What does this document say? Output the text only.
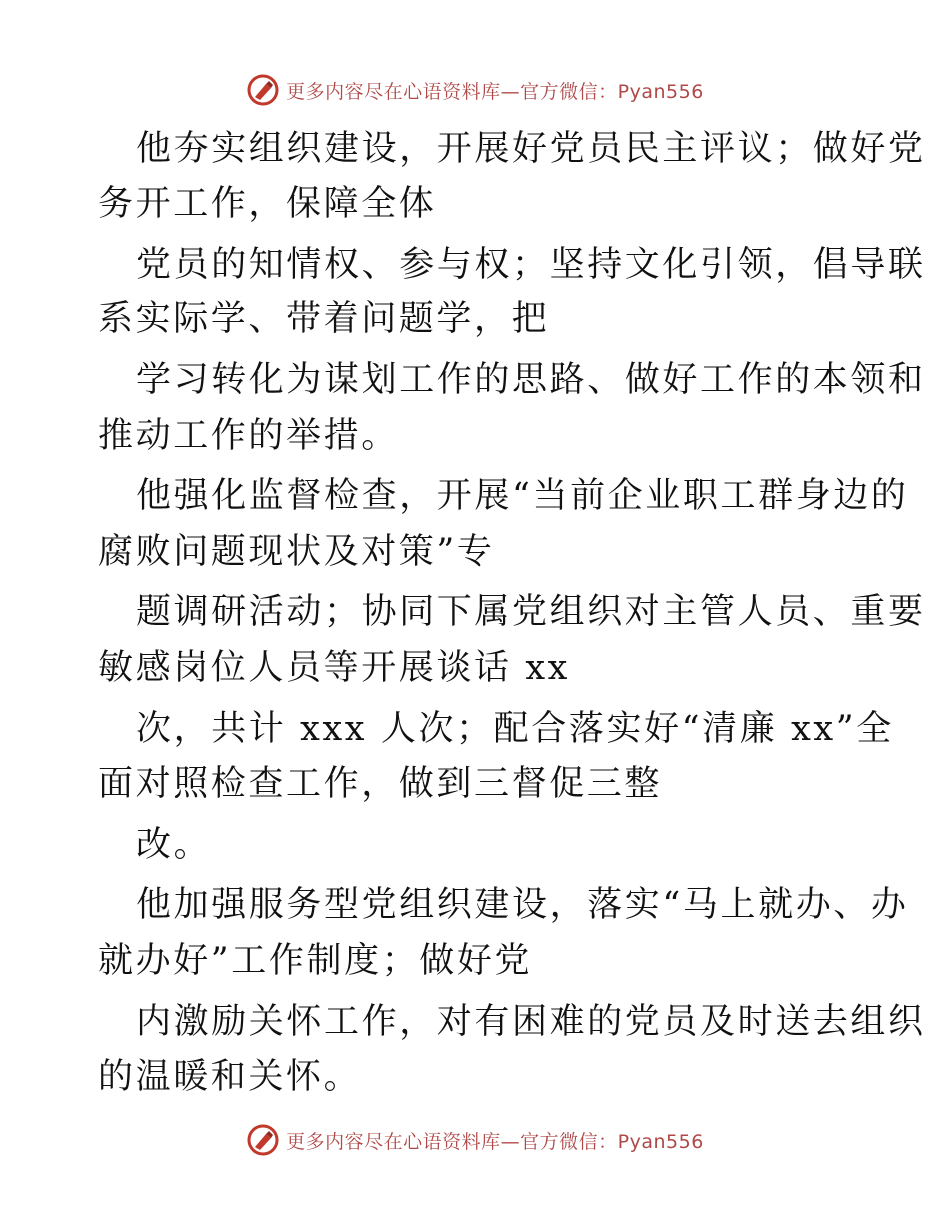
更多内容尽在心语资料库—官方微信：Pyan556
他夯实组织建设，开展好党员民主评议；做好党
务开工作，保障全体
党员的知情权、参与权；坚持文化引领，倡导联
系实际学、带着问题学，把
学习转化为谋划工作的思路、做好工作的本领和
推动工作的举措。
他强化监督检查，开展“当前企业职工群身边的
腐败问题现状及对策”专
题调研活动；协同下属党组织对主管人员、重要
敏感岗位人员等开展谈话 xx
次，共计 xxx 人次；配合落实好“清廉 xx”全
面对照检查工作，做到三督促三整
改。
他加强服务型党组织建设，落实“马上就办、办
就办好”工作制度；做好党
内激励关怀工作，对有困难的党员及时送去组织
的温暖和关怀。
更多内容尽在心语资料库—官方微信：Pyan556
